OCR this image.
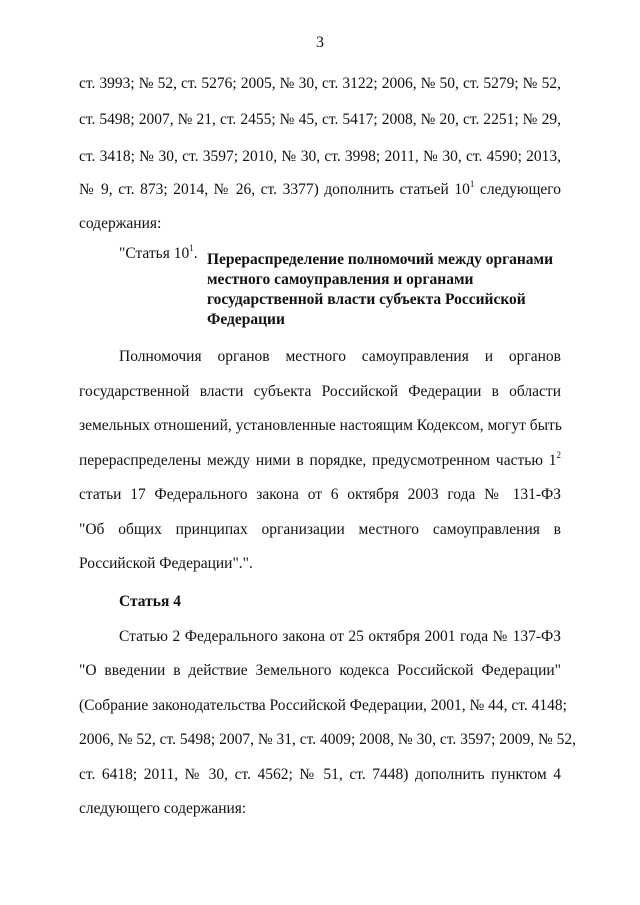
3
ст. 3993; № 52, ст. 5276; 2005, № 30, ст. 3122; 2006, № 50, ст. 5279; № 52,
ст. 5498; 2007, № 21, ст. 2455; № 45, ст. 5417; 2008, № 20, ст. 2251; № 29,
ст. 3418; № 30, ст. 3597; 2010, № 30, ст. 3998; 2011, № 30, ст. 4590; 2013,
№ 9, ст. 873; 2014, № 26, ст. 3377) дополнить статьей $10^1$ следующего
содержания:
"Статья $10^1$. Перераспределение полномочий между органами
местного самоуправления и органами
государственной власти субъекта Российской
Федерации
Полномочия органов местного самоуправления и органов
государственной власти субъекта Российской Федерации в области
земельных отношений, установленные настоящим Кодексом, могут быть
перераспределены между ними в порядке, предусмотренном частью $1^2$
статьи 17 Федерального закона от 6 октября 2003 года № 131-ФЗ
"Об общих принципах организации местного самоуправления в
Российской Федерации".".
Статья 4
Статью 2 Федерального закона от 25 октября 2001 года № 137-ФЗ
"О введении в действие Земельного кодекса Российской Федерации"
(Собрание законодательства Российской Федерации, 2001, № 44, ст. 4148;
2006, № 52, ст. 5498; 2007, № 31, ст. 4009; 2008, № 30, ст. 3597; 2009, № 52,
ст. 6418; 2011, № 30, ст. 4562; № 51, ст. 7448) дополнить пунктом 4
следующего содержания:
